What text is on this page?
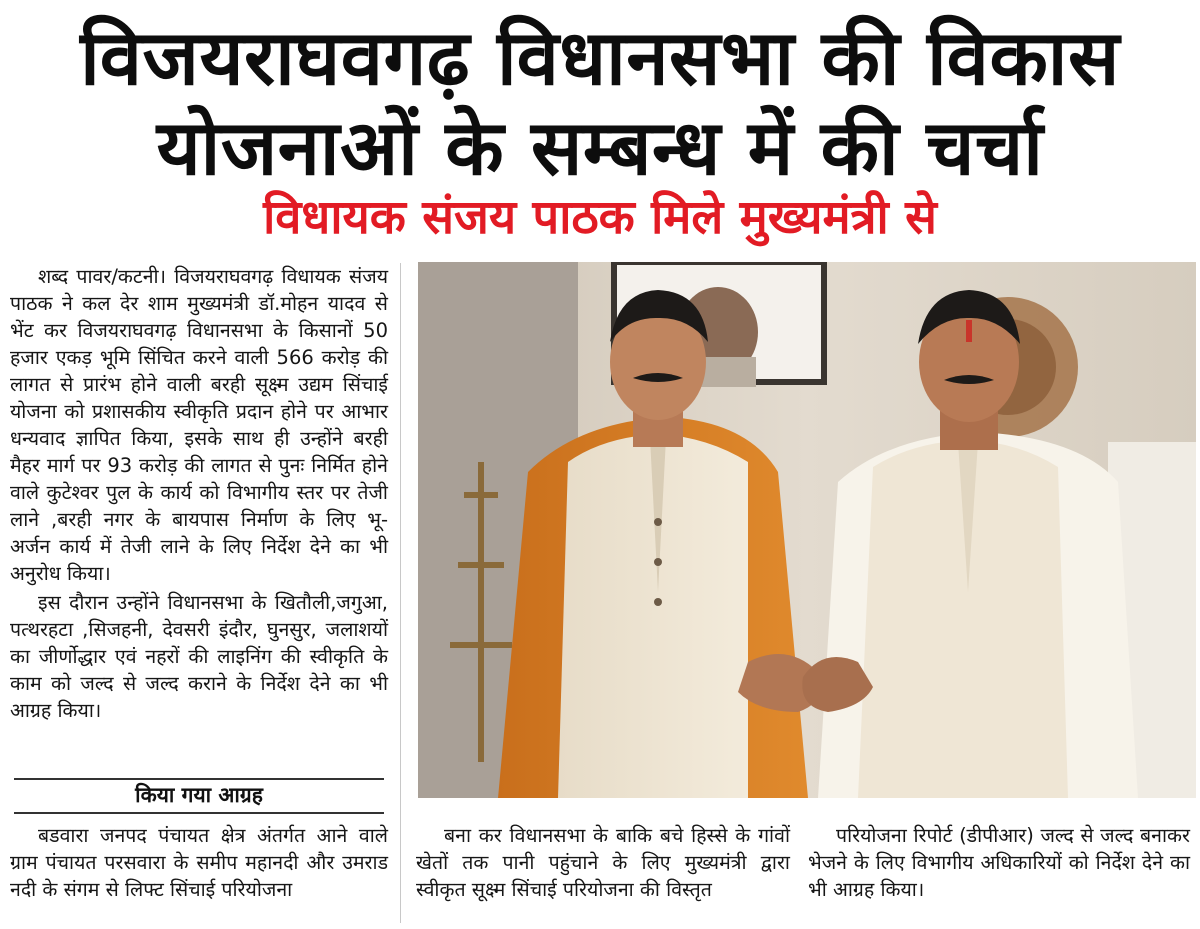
विजयराघवगढ़ विधानसभा की विकास
योजनाओं के सम्बन्ध में की चर्चा
विधायक संजय पाठक मिले मुख्यमंत्री से

शब्द पावर/कटनी। विजयराघवगढ़ विधायक संजय पाठक ने कल देर शाम मुख्यमंत्री डॉ.मोहन यादव से भेंट कर विजयराघवगढ़ विधानसभा के किसानों 50 हजार एकड़ भूमि सिंचित करने वाली 566 करोड़ की लागत से प्रारंभ होने वाली बरही सूक्ष्म उद्यम सिंचाई योजना को प्रशासकीय स्वीकृति प्रदान होने पर आभार धन्यवाद ज्ञापित किया, इसके साथ ही उन्होंने बरही मैहर मार्ग पर 93 करोड़ की लागत से पुनः निर्मित होने वाले कुटेश्वर पुल के कार्य को विभागीय स्तर पर तेजी लाने ,बरही नगर के बायपास निर्माण के लिए भू- अर्जन कार्य में तेजी लाने के लिए निर्देश देने का भी अनुरोध किया।

इस दौरान उन्होंने विधानसभा के खितौली,जगुआ, पत्थरहटा ,सिजहनी, देवसरी इंदौर, घुनसुर, जलाशयों का जीर्णोद्धार एवं नहरों की लाइनिंग की स्वीकृति के काम को जल्द से जल्द कराने के निर्देश देने का भी आग्रह किया।

किया गया आग्रह

बडवारा जनपद पंचायत क्षेत्र अंतर्गत आने वाले ग्राम पंचायत परसवारा के समीप महानदी और उमराड नदी के संगम से लिफ्ट सिंचाई परियोजना

बना कर विधानसभा के बाकि बचे हिस्से के गांवों खेतों तक पानी पहुंचाने के लिए मुख्यमंत्री द्वारा स्वीकृत सूक्ष्म सिंचाई परियोजना की विस्तृत

परियोजना रिपोर्ट (डीपीआर) जल्द से जल्द बनाकर भेजने के लिए विभागीय अधिकारियों को निर्देश देने का भी आग्रह किया।
